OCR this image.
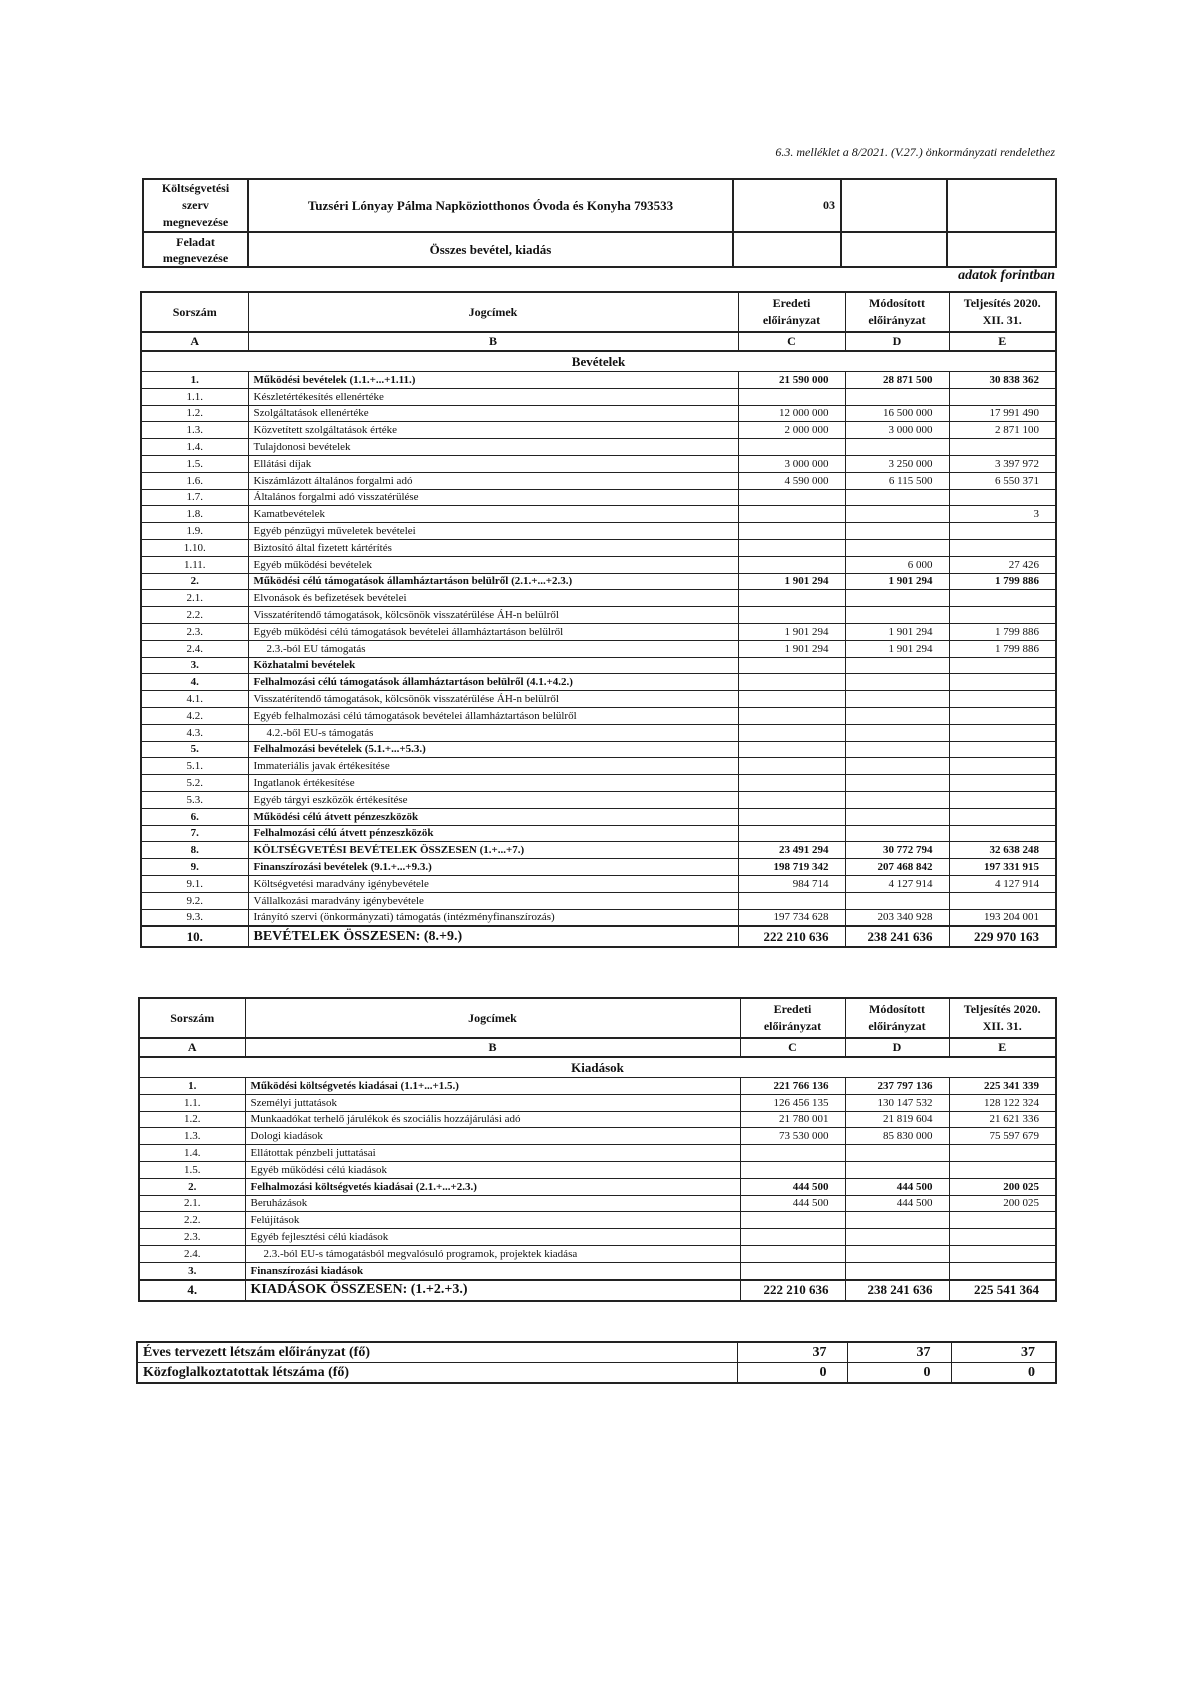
6.3. melléklet a 8/2021. (V.27.) önkormányzati rendelethez
Költségvetési szerv megnevezése	Tuzséri Lónyay Pálma Napköziotthonos Óvoda és Konyha 793533	03		
Feladat megnevezése	Összes bevétel, kiadás			
adatok forintban
Sorszám	Jogcímek	Eredeti előirányzat	Módosított előirányzat	Teljesítés 2020. XII. 31.
A	B	C	D	E
Bevételek				
1.	Működési bevételek (1.1.+...+1.11.)	21 590 000	28 871 500	30 838 362
1.1.	Készletértékesítés ellenértéke			
1.2.	Szolgáltatások ellenértéke	12 000 000	16 500 000	17 991 490
1.3.	Közvetített szolgáltatások értéke	2 000 000	3 000 000	2 871 100
1.4.	Tulajdonosi bevételek			
1.5.	Ellátási díjak	3 000 000	3 250 000	3 397 972
1.6.	Kiszámlázott általános forgalmi adó	4 590 000	6 115 500	6 550 371
1.7.	Általános forgalmi adó visszatérülése			
1.8.	Kamatbevételek			3
1.9.	Egyéb pénzügyi műveletek bevételei			
1.10.	Biztosító által fizetett kártérítés			
1.11.	Egyéb működési bevételek		6 000	27 426
2.	Működési célú támogatások államháztartáson belülről (2.1.+...+2.3.)	1 901 294	1 901 294	1 799 886
2.1.	Elvonások és befizetések bevételei			
2.2.	Visszatérítendő támogatások, kölcsönök visszatérülése ÁH-n belülről			
2.3.	Egyéb működési célú támogatások bevételei államháztartáson belülről	1 901 294	1 901 294	1 799 886
2.4.	2.3.-ból EU támogatás	1 901 294	1 901 294	1 799 886
3.	Közhatalmi bevételek			
4.	Felhalmozási célú támogatások államháztartáson belülről (4.1.+4.2.)			
4.1.	Visszatérítendő támogatások, kölcsönök visszatérülése ÁH-n belülről			
4.2.	Egyéb felhalmozási célú támogatások bevételei államháztartáson belülről			
4.3.	4.2.-ből EU-s támogatás			
5.	Felhalmozási bevételek (5.1.+...+5.3.)			
5.1.	Immateriális javak értékesítése			
5.2.	Ingatlanok értékesítése			
5.3.	Egyéb tárgyi eszközök értékesítése			
6.	Működési célú átvett pénzeszközök			
7.	Felhalmozási célú átvett pénzeszközök			
8.	KÖLTSÉGVETÉSI BEVÉTELEK ÖSSZESEN (1.+...+7.)	23 491 294	30 772 794	32 638 248
9.	Finanszírozási bevételek (9.1.+...+9.3.)	198 719 342	207 468 842	197 331 915
9.1.	Költségvetési maradvány igénybevétele	984 714	4 127 914	4 127 914
9.2.	Vállalkozási maradvány igénybevétele			
9.3.	Irányító szervi (önkormányzati) támogatás (intézményfinanszírozás)	197 734 628	203 340 928	193 204 001
10.	BEVÉTELEK ÖSSZESEN: (8.+9.)	222 210 636	238 241 636	229 970 163
Sorszám	Jogcímek	Eredeti előirányzat	Módosított előirányzat	Teljesítés 2020. XII. 31.
A	B	C	D	E
Kiadások				
1.	Működési költségvetés kiadásai (1.1+...+1.5.)	221 766 136	237 797 136	225 341 339
1.1.	Személyi juttatások	126 456 135	130 147 532	128 122 324
1.2.	Munkaadókat terhelő járulékok és szociális hozzájárulási adó	21 780 001	21 819 604	21 621 336
1.3.	Dologi kiadások	73 530 000	85 830 000	75 597 679
1.4.	Ellátottak pénzbeli juttatásai			
1.5.	Egyéb működési célú kiadások			
2.	Felhalmozási költségvetés kiadásai (2.1.+...+2.3.)	444 500	444 500	200 025
2.1.	Beruházások	444 500	444 500	200 025
2.2.	Felújítások			
2.3.	Egyéb fejlesztési célú kiadások			
2.4.	2.3.-ból EU-s támogatásból megvalósuló programok, projektek kiadása			
3.	Finanszírozási kiadások			
4.	KIADÁSOK ÖSSZESEN: (1.+2.+3.)	222 210 636	238 241 636	225 541 364
Éves tervezett létszám előirányzat (fő)	37	37	37
Közfoglalkoztatottak létszáma (fő)	0	0	0
